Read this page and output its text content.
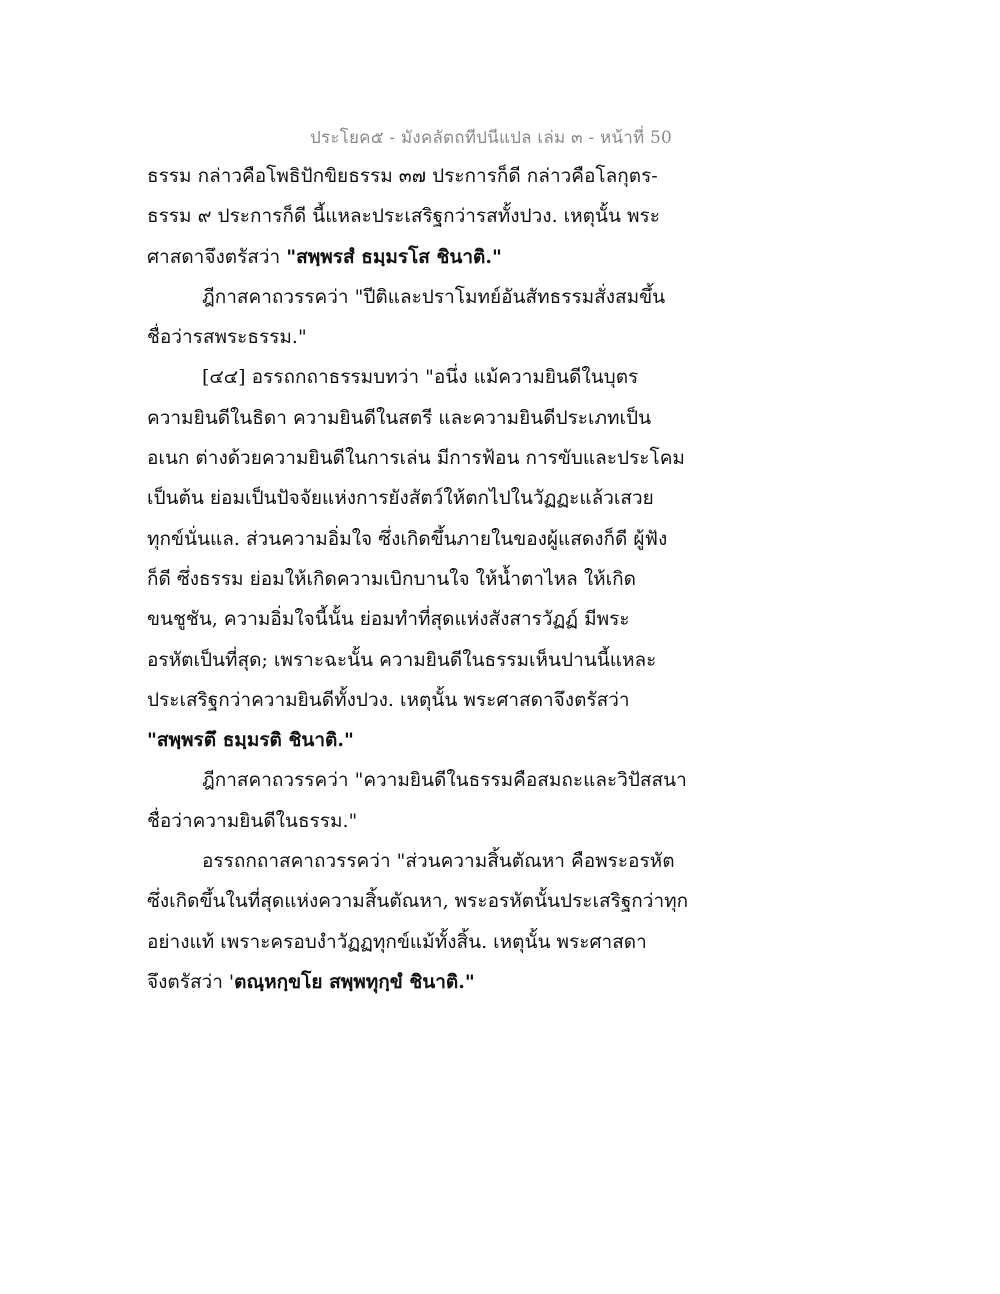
ประโยค๕ - มังคลัตถทีปนีแปล เล่ม ๓ - หน้าที่ 50
ธรรม กล่าวคือโพธิปักขิยธรรม ๓๗ ประการก็ดี กล่าวคือโลกุตร-
ธรรม ๙ ประการก็ดี นี้แหละประเสริฐกว่ารสทั้งปวง. เหตุนั้น พระ
ศาสดาจึงตรัสว่า "สพฺพรสํ ธมฺมรโส ชินาติ."
ฎีกาสคาถวรรคว่า "ปีติและปราโมทย์อันสัทธรรมสั่งสมขึ้น
ชื่อว่ารสพระธรรม."
[๔๔] อรรถกถาธรรมบทว่า "อนึ่ง แม้ความยินดีในบุตร
ความยินดีในธิดา ความยินดีในสตรี และความยินดีประเภทเป็น
อเนก ต่างด้วยความยินดีในการเล่น มีการฟ้อน การขับและประโคม
เป็นต้น ย่อมเป็นปัจจัยแห่งการยังสัตว์ให้ตกไปในวัฏฏะแล้วเสวย
ทุกข์นั่นแล. ส่วนความอิ่มใจ ซึ่งเกิดขึ้นภายในของผู้แสดงก็ดี ผู้ฟัง
ก็ดี ซึ่งธรรม ย่อมให้เกิดความเบิกบานใจ ให้น้ำตาไหล ให้เกิด
ขนชูชัน, ความอิ่มใจนี้นั้น ย่อมทำที่สุดแห่งสังสารวัฏฏ์ มีพระ
อรหัตเป็นที่สุด; เพราะฉะนั้น ความยินดีในธรรมเห็นปานนี้แหละ
ประเสริฐกว่าความยินดีทั้งปวง. เหตุนั้น พระศาสดาจึงตรัสว่า
"สพฺพรตึ ธมฺมรติ ชินาติ."
ฎีกาสคาถวรรคว่า "ความยินดีในธรรมคือสมถะและวิปัสสนา
ชื่อว่าความยินดีในธรรม."
อรรถกถาสคาถวรรคว่า "ส่วนความสิ้นตัณหา คือพระอรหัต
ซึ่งเกิดขึ้นในที่สุดแห่งความสิ้นตัณหา, พระอรหัตนั้นประเสริฐกว่าทุก
อย่างแท้ เพราะครอบงำวัฏฏทุกข์แม้ทั้งสิ้น. เหตุนั้น พระศาสดา
จึงตรัสว่า 'ตณฺหกฺขโย สพฺพทุกฺขํ ชินาติ."
